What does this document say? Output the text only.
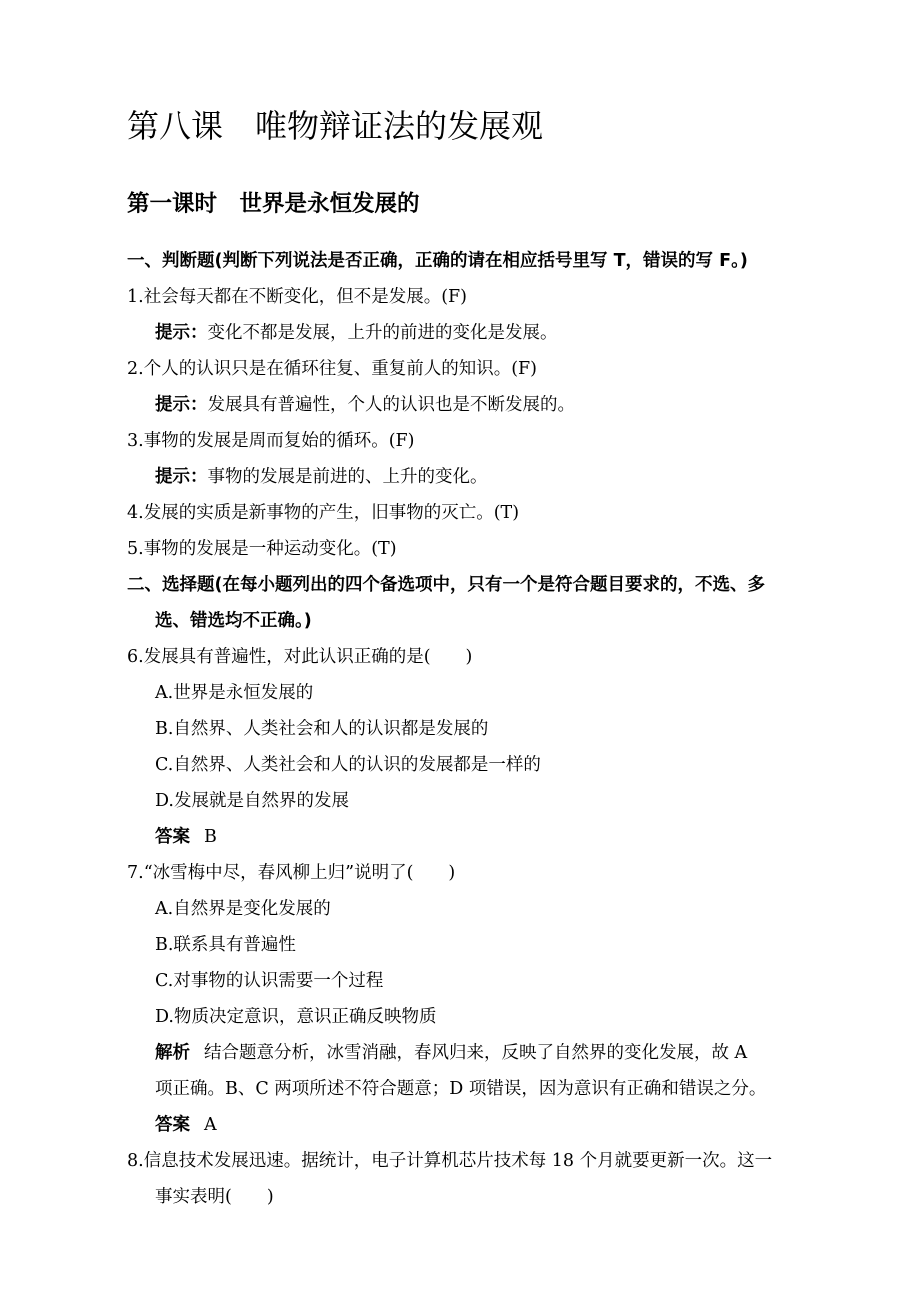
第八课　唯物辩证法的发展观
第一课时　世界是永恒发展的
一、判断题(判断下列说法是否正确，正确的请在相应括号里写 T，错误的写 F。)
1.社会每天都在不断变化，但不是发展。(F)
提示：变化不都是发展，上升的前进的变化是发展。
2.个人的认识只是在循环往复、重复前人的知识。(F)
提示：发展具有普遍性，个人的认识也是不断发展的。
3.事物的发展是周而复始的循环。(F)
提示：事物的发展是前进的、上升的变化。
4.发展的实质是新事物的产生，旧事物的灭亡。(T)
5.事物的发展是一种运动变化。(T)
二、选择题(在每小题列出的四个备选项中，只有一个是符合题目要求的，不选、多
选、错选均不正确。)
6.发展具有普遍性，对此认识正确的是(　　)
A.世界是永恒发展的
B.自然界、人类社会和人的认识都是发展的
C.自然界、人类社会和人的认识的发展都是一样的
D.发展就是自然界的发展
答案 B
7.“冰雪梅中尽，春风柳上归”说明了(　　)
A.自然界是变化发展的
B.联系具有普遍性
C.对事物的认识需要一个过程
D.物质决定意识，意识正确反映物质
解析 结合题意分析，冰雪消融，春风归来，反映了自然界的变化发展，故 A
项正确。B、C 两项所述不符合题意；D 项错误，因为意识有正确和错误之分。
答案 A
8.信息技术发展迅速。据统计，电子计算机芯片技术每 18 个月就要更新一次。这一
事实表明(　　)
